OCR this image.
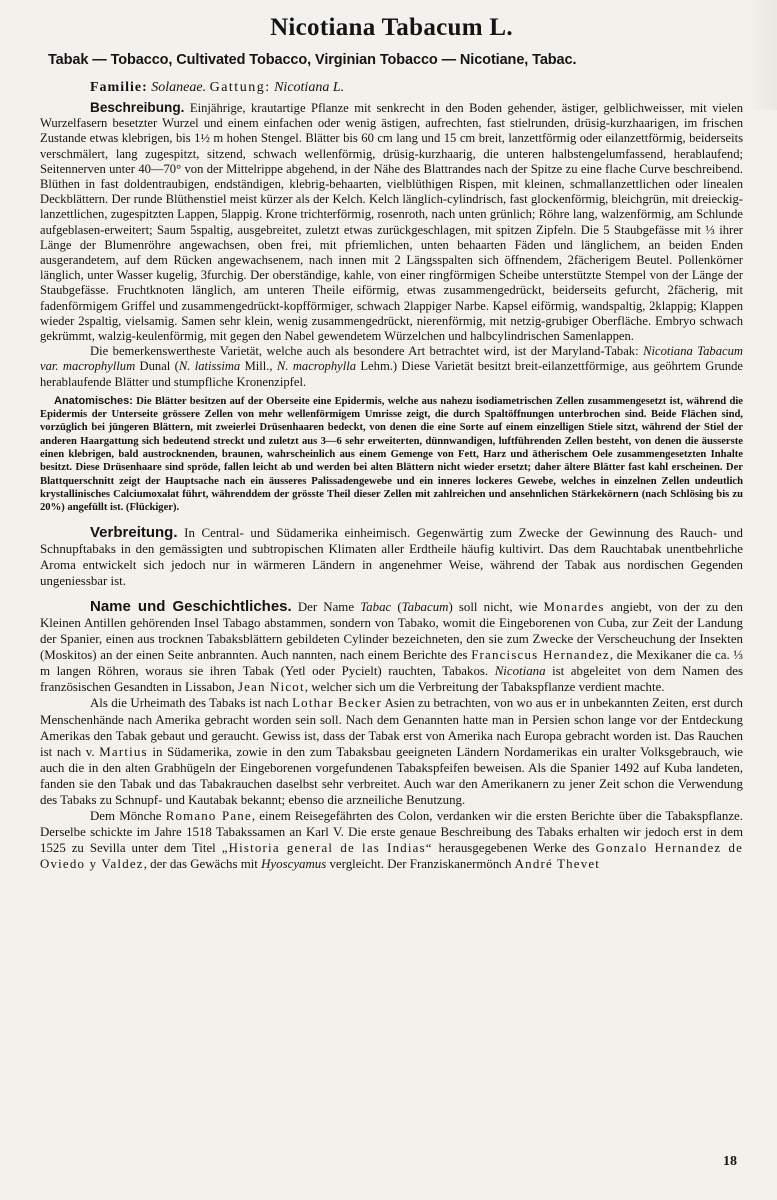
Nicotiana Tabacum L.
Tabak — Tobacco, Cultivated Tobacco, Virginian Tobacco — Nicotiane, Tabac.
Familie: Solaneae. Gattung: Nicotiana L.

Beschreibung. Einjährige, krautartige Pflanze mit senkrecht in den Boden gehender, ästiger, gelblichweisser, mit vielen Wurzelfasern besetzter Wurzel und einem einfachen oder wenig ästigen, aufrechten, fast stielrunden, drüsig-kurzhaarigen, im frischen Zustande etwas klebrigen, bis 1½ m hohen Stengel. Blätter bis 60 cm lang und 15 cm breit, lanzettförmig oder eilanzettförmig, beiderseits verschmälert, lang zugespitzt, sitzend, schwach wellenförmig, drüsig-kurzhaarig, die unteren halbstengelumfassend, herablaufend; Seitennerven unter 40—70° von der Mittelrippe abgehend, in der Nähe des Blattrandes nach der Spitze zu eine flache Curve beschreibend. Blüthen in fast doldentraubigen, endständigen, klebrig-behaarten, vielblüthigen Rispen, mit kleinen, schmallanzettlichen oder linealen Deckblättern. Der runde Blüthenstiel meist kürzer als der Kelch. Kelch länglich-cylindrisch, fast glockenförmig, bleichgrün, mit dreieckig-lanzettlichen, zugespitzten Lappen, 5lappig. Krone trichterförmig, rosenroth, nach unten grünlich; Röhre lang, walzenförmig, am Schlunde aufgeblasen-erweitert; Saum 5spaltig, ausgebreitet, zuletzt etwas zurückgeschlagen, mit spitzen Zipfeln. Die 5 Staubgefässe mit ⅓ ihrer Länge der Blumenröhre angewachsen, oben frei, mit pfriemlichen, unten behaarten Fäden und länglichem, an beiden Enden ausgerandetem, auf dem Rücken angewachsenem, nach innen mit 2 Längsspalten sich öffnendem, 2fächerigem Beutel. Pollenkörner länglich, unter Wasser kugelig, 3furchig. Der oberständige, kahle, von einer ringförmigen Scheibe unterstützte Stempel von der Länge der Staubgefässe. Fruchtknoten länglich, am unteren Theile eiförmig, etwas zusammengedrückt, beiderseits gefurcht, 2fächerig, mit fadenförmigem Griffel und zusammengedrückt-kopfförmiger, schwach 2lappiger Narbe. Kapsel eiförmig, wandspaltig, 2klappig; Klappen wieder 2spaltig, vielsamig. Samen sehr klein, wenig zusammengedrückt, nierenförmig, mit netzig-grubiger Oberfläche. Embryo schwach gekrümmt, walzig-keulenförmig, mit gegen den Nabel gewendetem Würzelchen und halbcylindrischen Samenlappen.

Die bemerkenswertheste Varietät, welche auch als besondere Art betrachtet wird, ist der Maryland-Tabak: Nicotiana Tabacum var. macrophyllum Dunal (N. latissima Mill., N. macrophylla Lehm.) Diese Varietät besitzt breit-eilanzettförmige, aus geöhrtem Grunde herablaufende Blätter und stumpfliche Kronenzipfel.

Anatomisches: Die Blätter besitzen auf der Oberseite eine Epidermis, welche aus nahezu isodiametrischen Zellen zusammengesetzt ist, während die Epidermis der Unterseite grössere Zellen von mehr wellenförmigem Umrisse zeigt, die durch Spaltöffnungen unterbrochen sind. Beide Flächen sind, vorzüglich bei jüngeren Blättern, mit zweierlei Drüsenhaaren bedeckt, von denen die eine Sorte auf einem einzelligen Stiele sitzt, während der Stiel der anderen Haargattung sich bedeutend streckt und zuletzt aus 3—6 sehr erweiterten, dünnwandigen, luftführenden Zellen besteht, von denen die äusserste einen klebrigen, bald austrocknenden, braunen, wahrscheinlich aus einem Gemenge von Fett, Harz und ätherischem Oele zusammengesetzten Inhalte besitzt. Diese Drüsenhaare sind spröde, fallen leicht ab und werden bei alten Blättern nicht wieder ersetzt; daher ältere Blätter fast kahl erscheinen. Der Blattquerschnitt zeigt der Hauptsache nach ein äusseres Palissadengewebe und ein inneres lockeres Gewebe, welches in einzelnen Zellen undeutlich krystallinisches Calciumoxalat führt, währenddem der grösste Theil dieser Zellen mit zahlreichen und ansehnlichen Stärkekörnern (nach Schlösing bis zu 20%) angefüllt ist. (Flückiger).

Verbreitung. In Central- und Südamerika einheimisch. Gegenwärtig zum Zwecke der Gewinnung des Rauch- und Schnupftabaks in den gemässigten und subtropischen Klimaten aller Erdtheile häufig kultivirt. Das dem Rauchtabak unentbehrliche Aroma entwickelt sich jedoch nur in wärmeren Ländern in angenehmer Weise, während der Tabak aus nordischen Gegenden ungeniessbar ist.

Name und Geschichtliches. Der Name Tabac (Tabacum) soll nicht, wie Monardes angiebt, von der zu den Kleinen Antillen gehörenden Insel Tabago abstammen, sondern von Tabako, womit die Eingeborenen von Cuba, zur Zeit der Landung der Spanier, einen aus trocknen Tabaksblättern gebildeten Cylinder bezeichneten, den sie zum Zwecke der Verscheuchung der Insekten (Moskitos) an der einen Seite anbrannten. Auch nannten, nach einem Berichte des Franciscus Hernandez, die Mexikaner die ca. ⅓ m langen Röhren, woraus sie ihren Tabak (Yetl oder Pycielt) rauchten, Tabakos. Nicotiana ist abgeleitet von dem Namen des französischen Gesandten in Lissabon, Jean Nicot, welcher sich um die Verbreitung der Tabakspflanze verdient machte.

Als die Urheimath des Tabaks ist nach Lothar Becker Asien zu betrachten, von wo aus er in unbekannten Zeiten, erst durch Menschenhände nach Amerika gebracht worden sein soll. Nach dem Genannten hatte man in Persien schon lange vor der Entdeckung Amerikas den Tabak gebaut und geraucht. Gewiss ist, dass der Tabak erst von Amerika nach Europa gebracht worden ist. Das Rauchen ist nach v. Martius in Südamerika, zowie in den zum Tabaksbau geeigneten Ländern Nordamerikas ein uralter Volksgebrauch, wie auch die in den alten Grabhügeln der Eingeborenen vorgefundenen Tabakspfeifen beweisen. Als die Spanier 1492 auf Kuba landeten, fanden sie den Tabak und das Tabakrauchen daselbst sehr verbreitet. Auch war den Amerikanern zu jener Zeit schon die Verwendung des Tabaks zu Schnupf- und Kautabak bekannt; ebenso die arzneiliche Benutzung.

Dem Mönche Romano Pane, einem Reisegefährten des Colon, verdanken wir die ersten Berichte über die Tabakspflanze. Derselbe schickte im Jahre 1518 Tabakssamen an Karl V. Die erste genaue Beschreibung des Tabaks erhalten wir jedoch erst in dem 1525 zu Sevilla unter dem Titel „Historia general de las Indias“ herausgegebenen Werke des Gonzalo Hernandez de Oviedo y Valdez, der das Gewächs mit Hyoscyamus vergleicht. Der Franziskanermönch André Thevet

18
